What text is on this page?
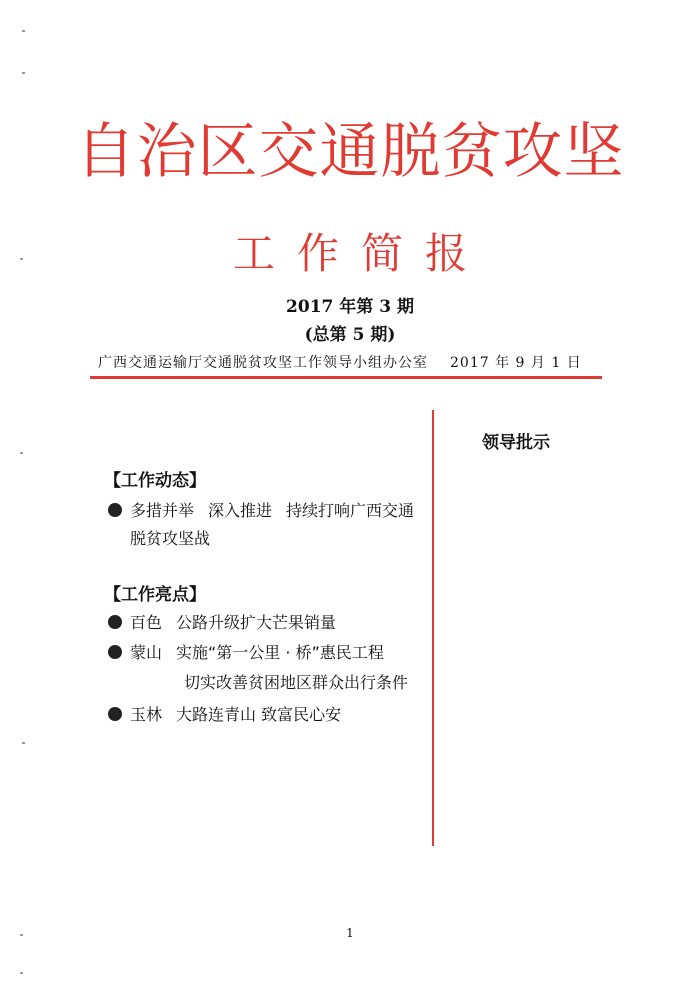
自治区交通脱贫攻坚
工作简报
2017 年第 3 期
(总第 5 期)
广西交通运输厅交通脱贫攻坚工作领导小组办公室 2017 年 9 月 1 日
领导批示
【工作动态】
多措并举 深入推进 持续打响广西交通
脱贫攻坚战
【工作亮点】
百色 公路升级扩大芒果销量
蒙山 实施“第一公里 · 桥”惠民工程
切实改善贫困地区群众出行条件
玉林 大路连青山 致富民心安
1
